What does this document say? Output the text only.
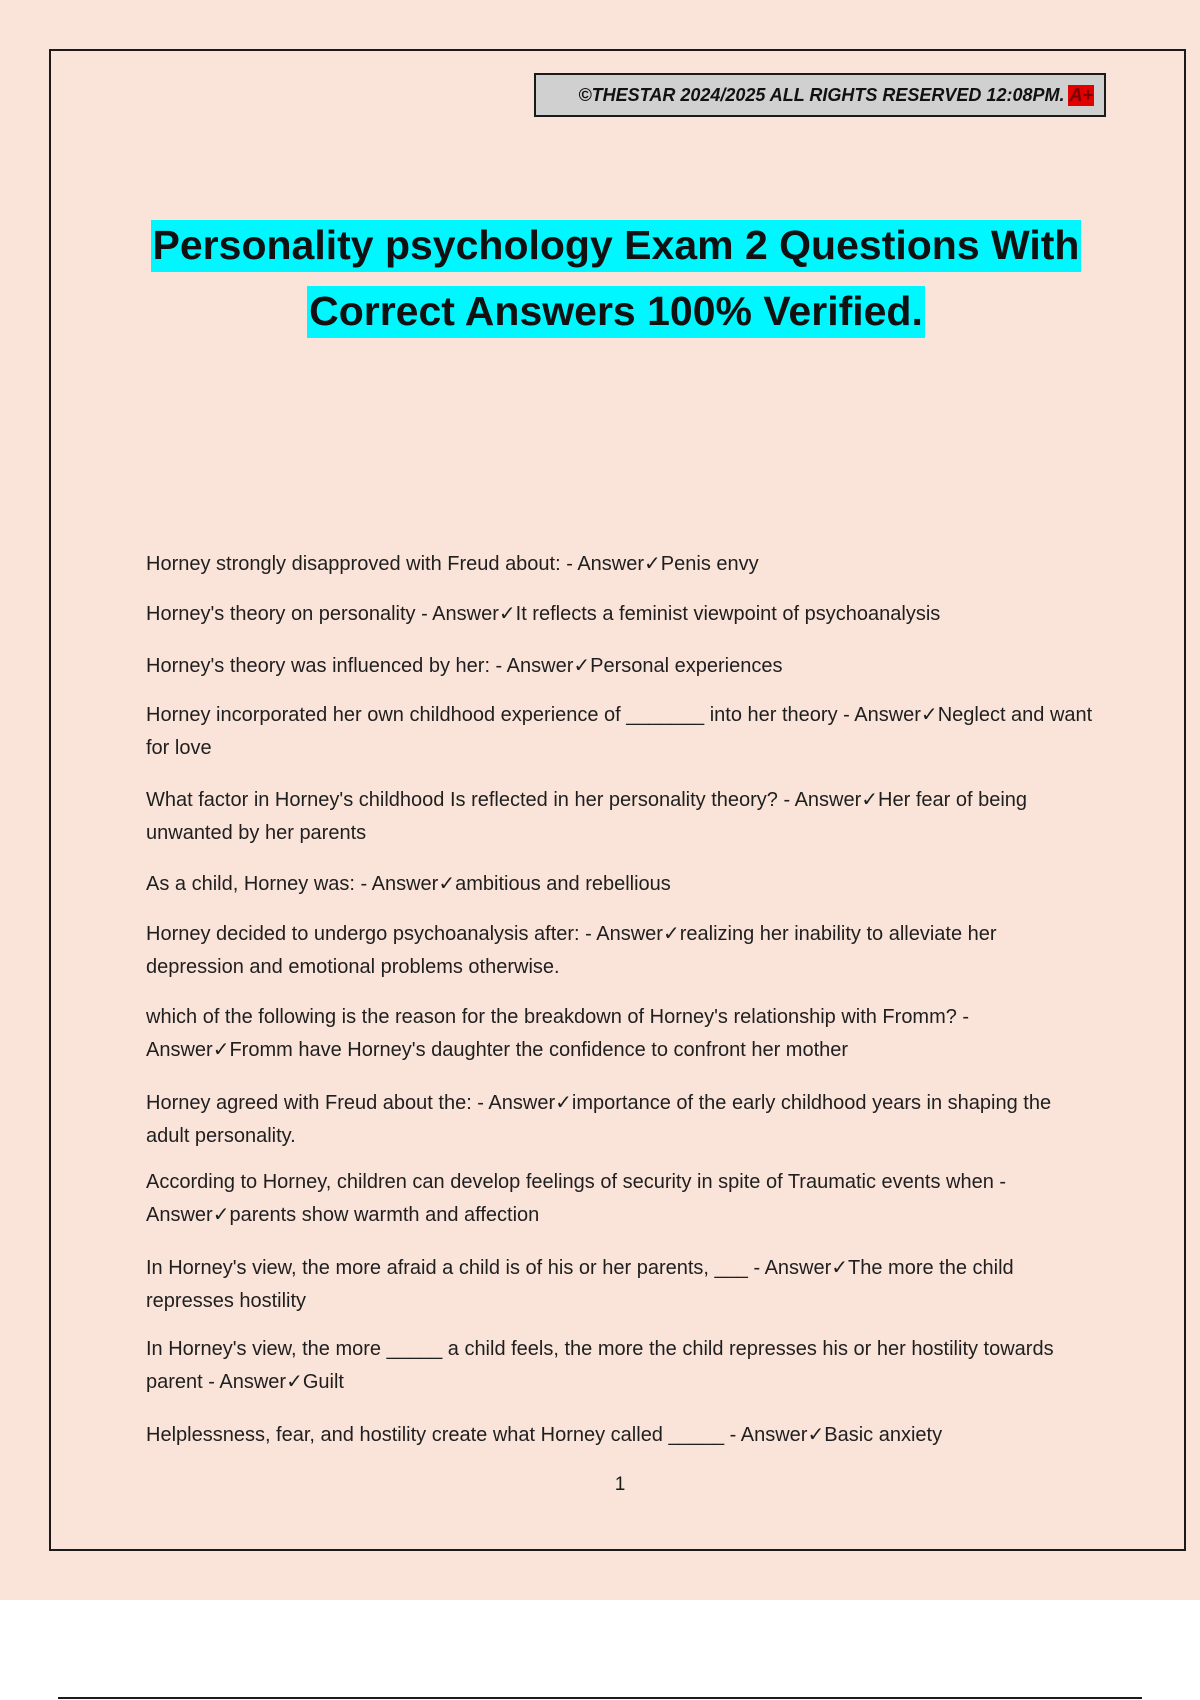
©THESTAR 2024/2025 ALL RIGHTS RESERVED 12:08PM. A+
Personality psychology Exam 2 Questions With
Correct Answers 100% Verified.

Horney strongly disapproved with Freud about: - Answer✓Penis envy

Horney's theory on personality - Answer✓It reflects a feminist viewpoint of psychoanalysis

Horney's theory was influenced by her: - Answer✓Personal experiences

Horney incorporated her own childhood experience of _______ into her theory - Answer✓Neglect and want for love

What factor in Horney's childhood Is reflected in her personality theory? - Answer✓Her fear of being unwanted by her parents

As a child, Horney was: - Answer✓ambitious and rebellious

Horney decided to undergo psychoanalysis after: - Answer✓realizing her inability to alleviate her depression and emotional problems otherwise.

which of the following is the reason for the breakdown of Horney's relationship with Fromm? - Answer✓Fromm have Horney's daughter the confidence to confront her mother

Horney agreed with Freud about the: - Answer✓importance of the early childhood years in shaping the adult personality.

According to Horney, children can develop feelings of security in spite of Traumatic events when - Answer✓parents show warmth and affection

In Horney's view, the more afraid a child is of his or her parents, ___ - Answer✓The more the child represses hostility

In Horney's view, the more _____ a child feels, the more the child represses his or her hostility towards parent - Answer✓Guilt

Helplessness, fear, and hostility create what Horney called _____ - Answer✓Basic anxiety

1
